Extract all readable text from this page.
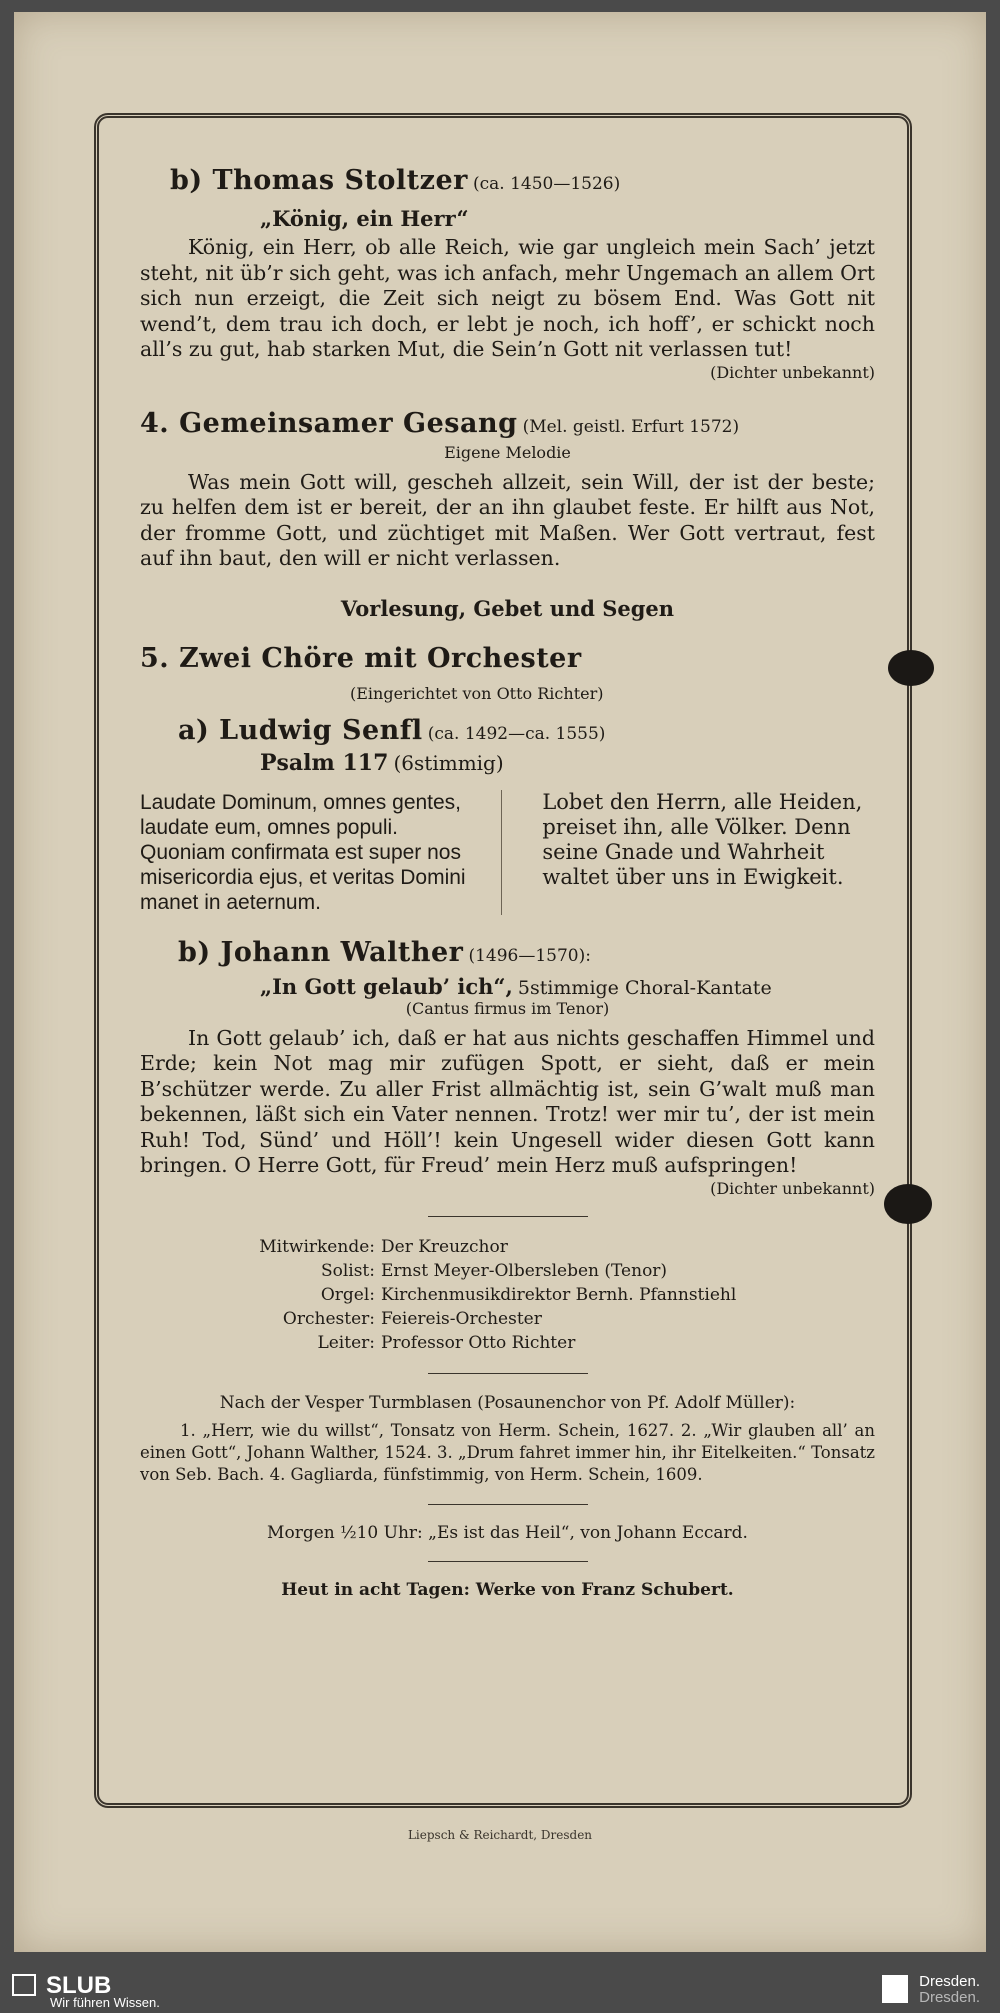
b) Thomas Stoltzer (ca. 1450—1526)
„König, ein Herr“

König, ein Herr, ob alle Reich, wie gar ungleich mein Sach’ jetzt steht, nit üb’r sich geht, was ich anfach, mehr Ungemach an allem Ort sich nun erzeigt, die Zeit sich neigt zu bösem End. Was Gott nit wend’t, dem trau ich doch, er lebt je noch, ich hoff’, er schickt noch all’s zu gut, hab starken Mut, die Sein’n Gott nit verlassen tut!

(Dichter unbekannt)
4. Gemeinsamer Gesang (Mel. geistl. Erfurt 1572)
Eigene Melodie

Was mein Gott will, gescheh allzeit, sein Will, der ist der beste; zu helfen dem ist er bereit, der an ihn glaubet feste. Er hilft aus Not, der fromme Gott, und züchtiget mit Maßen. Wer Gott vertraut, fest auf ihn baut, den will er nicht verlassen.

Vorlesung, Gebet und Segen
5. Zwei Chöre mit Orchester
(Eingerichtet von Otto Richter)
a) Ludwig Senfl (ca. 1492—ca. 1555)
Psalm 117 (6stimmig)

Laudate Dominum, omnes gentes, laudate eum, omnes populi. Quoniam confirmata est super nos misericordia ejus, et veritas Domini manet in aeternum.

Lobet den Herrn, alle Heiden, preiset ihn, alle Völker. Denn seine Gnade und Wahrheit waltet über uns in Ewigkeit.

b) Johann Walther (1496—1570):
„In Gott gelaub’ ich“, 5stimmige Choral-Kantate
(Cantus firmus im Tenor)

In Gott gelaub’ ich, daß er hat aus nichts geschaffen Himmel und Erde; kein Not mag mir zufügen Spott, er sieht, daß er mein B’schützer werde. Zu aller Frist allmächtig ist, sein G’walt muß man bekennen, läßt sich ein Vater nennen. Trotz! wer mir tu’, der ist mein Ruh! Tod, Sünd’ und Höll’! kein Ungesell wider diesen Gott kann bringen. O Herre Gott, für Freud’ mein Herz muß aufspringen!

(Dichter unbekannt)
Mitwirkende: Der Kreuzchor
Solist: Ernst Meyer-Olbersleben (Tenor)
Orgel: Kirchenmusikdirektor Bernh. Pfannstiehl
Orchester: Feiereis-Orchester
Leiter: Professor Otto Richter
Nach der Vesper Turmblasen (Posaunenchor von Pf. Adolf Müller):

1. „Herr, wie du willst“, Tonsatz von Herm. Schein, 1627. 2. „Wir glauben all’ an einen Gott“, Johann Walther, 1524. 3. „Drum fahret immer hin, ihr Eitelkeiten.“ Tonsatz von Seb. Bach. 4. Gagliarda, fünfstimmig, von Herm. Schein, 1609.

Morgen ½10 Uhr: „Es ist das Heil“, von Johann Eccard.
Heut in acht Tagen: Werke von Franz Schubert.
Liepsch & Reichardt, Dresden
SLUB
Wir führen Wissen.
Dresden.
Dresden.
